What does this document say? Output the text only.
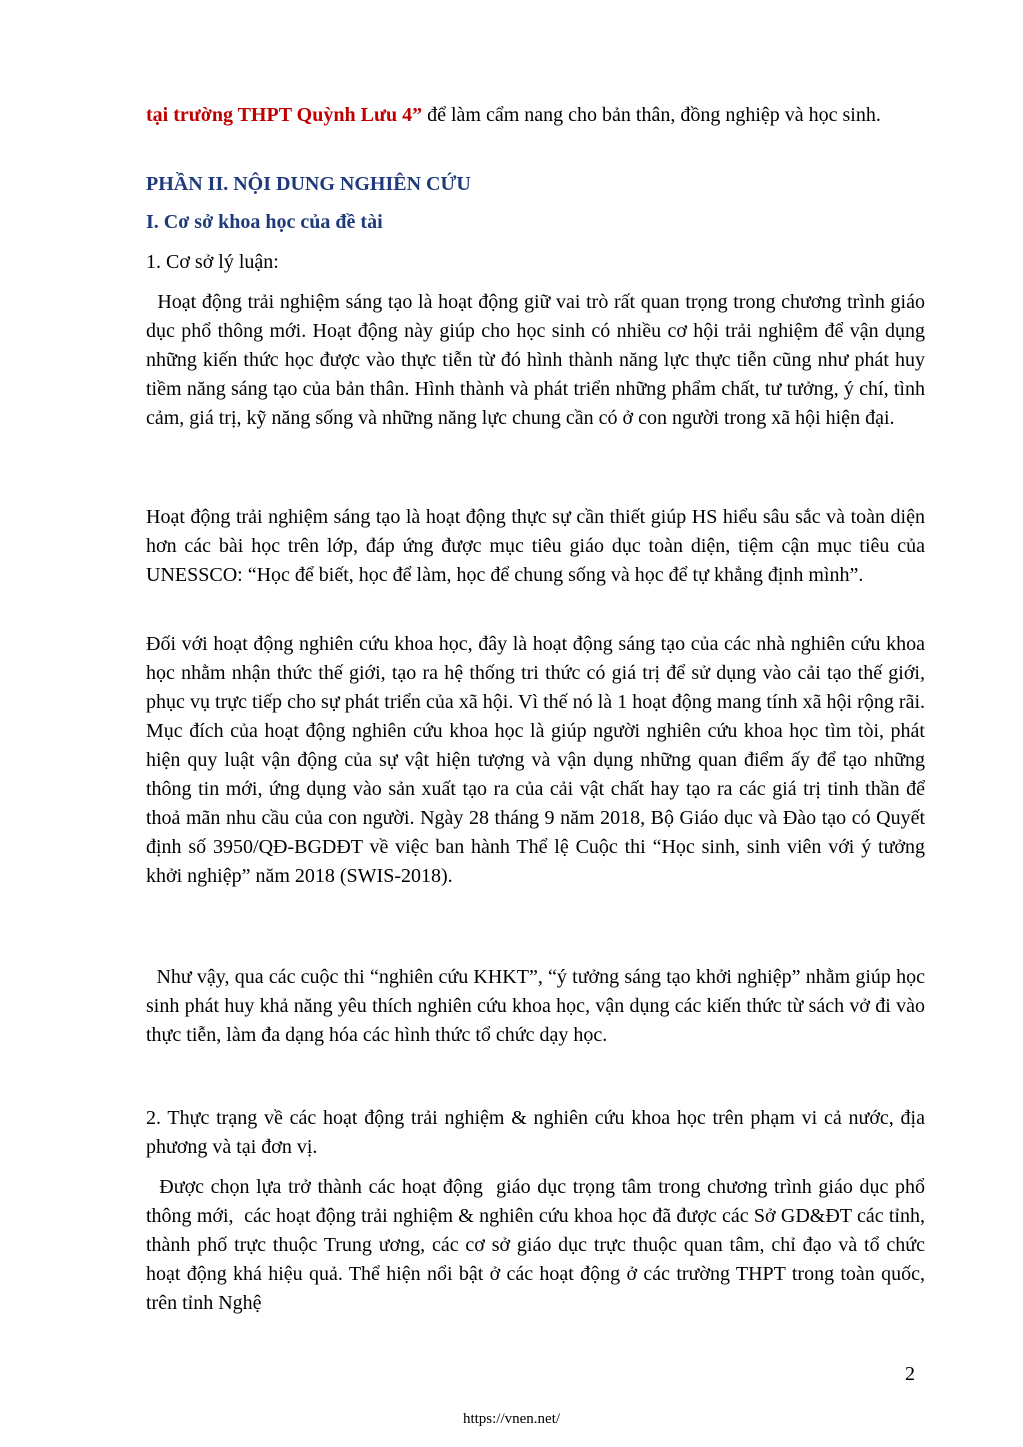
tại trường THPT Quỳnh Lưu 4” để làm cẩm nang cho bản thân, đồng nghiệp và học sinh.
PHẦN II. NỘI DUNG NGHIÊN CỨU
I. Cơ sở khoa học của đề tài
1. Cơ sở lý luận:
Hoạt động trải nghiệm sáng tạo là hoạt động giữ vai trò rất quan trọng trong chương trình giáo dục phổ thông mới. Hoạt động này giúp cho học sinh có nhiều cơ hội trải nghiệm để vận dụng những kiến thức học được vào thực tiễn từ đó hình thành năng lực thực tiễn cũng như phát huy tiềm năng sáng tạo của bản thân. Hình thành và phát triển những phẩm chất, tư tưởng, ý chí, tình cảm, giá trị, kỹ năng sống và những năng lực chung cần có ở con người trong xã hội hiện đại.
Hoạt động trải nghiệm sáng tạo là hoạt động thực sự cần thiết giúp HS hiểu sâu sắc và toàn diện hơn các bài học trên lớp, đáp ứng được mục tiêu giáo dục toàn diện, tiệm cận mục tiêu của UNESSCO: “Học để biết, học để làm, học để chung sống và học để tự khẳng định mình”.
Đối với hoạt động nghiên cứu khoa học, đây là hoạt động sáng tạo của các nhà nghiên cứu khoa học nhằm nhận thức thế giới, tạo ra hệ thống tri thức có giá trị để sử dụng vào cải tạo thế giới, phục vụ trực tiếp cho sự phát triển của xã hội. Vì thế nó là 1 hoạt động mang tính xã hội rộng rãi. Mục đích của hoạt động nghiên cứu khoa học là giúp người nghiên cứu khoa học tìm tòi, phát hiện quy luật vận động của sự vật hiện tượng và vận dụng những quan điểm ấy để tạo những thông tin mới, ứng dụng vào sản xuất tạo ra của cải vật chất hay tạo ra các giá trị tinh thần để thoả mãn nhu cầu của con người. Ngày 28 tháng 9 năm 2018, Bộ Giáo dục và Đào tạo có Quyết định số 3950/QĐ-BGDĐT về việc ban hành Thể lệ Cuộc thi “Học sinh, sinh viên với ý tưởng khởi nghiệp” năm 2018 (SWIS-2018).
Như vậy, qua các cuộc thi “nghiên cứu KHKT”, “ý tưởng sáng tạo khởi nghiệp” nhằm giúp học sinh phát huy khả năng yêu thích nghiên cứu khoa học, vận dụng các kiến thức từ sách vở đi vào thực tiễn, làm đa dạng hóa các hình thức tổ chức dạy học.
2. Thực trạng về các hoạt động trải nghiệm & nghiên cứu khoa học trên phạm vi cả nước, địa phương và tại đơn vị.
Được chọn lựa trở thành các hoạt động  giáo dục trọng tâm trong chương trình giáo dục phổ thông mới,  các hoạt động trải nghiệm & nghiên cứu khoa học đã được các Sở GD&ĐT các tỉnh, thành phố trực thuộc Trung ương, các cơ sở giáo dục trực thuộc quan tâm, chỉ đạo và tổ chức hoạt động khá hiệu quả. Thể hiện nổi bật ở các hoạt động ở các trường THPT trong toàn quốc, trên tỉnh Nghệ
2
https://vnen.net/
